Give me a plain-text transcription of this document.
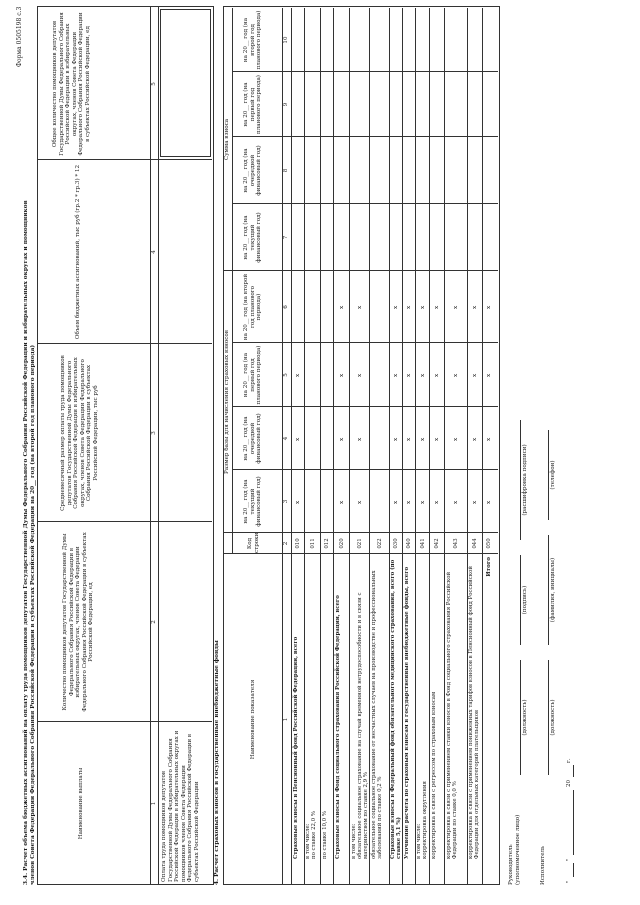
Форма 0505198 с.3
3.4. Расчет объема бюджетных ассигнований на оплату труда помощников депутатов Государственной Думы Федерального Собрания Российской Федерации и избирательных округах и помощников членов Совета Федерации Федерального Собрания Российской Федерации в субъектах Российской Федерации на 20__ год (на второй год планового периода)	Наименование выплаты
Количество помощников депутатов Государственной Думы Федерального Собрания Российской Федерации в избирательных округах, членов Совета Федерации Федерального Собрания Российской Федерации в субъектах Российской Федерации, ед
Среднемесячный размер оплаты труда помощников депутатов Государственной Думы Федерального Собрания Российской Федерации в избирательных округах, членов Совета Федерации Федерального Собрания Российской Федерации в субъектах Российской Федерации, тыс руб
Объем бюджетных ассигнований, тыс руб (гр.2 * гр.3) * 12
Общее количество помощников депутатов Государственной Думы Федерального Собрания Российской Федерации в избирательных округах, членов Совета Федерации Федерального Собрания Российской Федерации в субъектах Российской Федерации, ед
1
2
3
4
5
Оплата труда помощников депутатов Государственной Думы Федерального Собрания Российской Федерации в избирательных округах и помощников членов Совета Федерации Федерального Собрания Российской Федерации в субъектах Российской Федерации 4. Расчет страховых взносов в государственные внебюджетные фонды	Наименование показателя
Код строки
Размер базы для начисления страховых взносов
Сумма взноса
на 20__ год (на текущий финансовый год)
на 20__ год (на очередной финансовый год)
на 20__ год (на первый год планового периода)
на 20__ год (на второй год планового периода)
на 20__ год (на текущий финансовый год)
на 20__ год (на очередной финансовый год)
на 20__ год (на первый год планового периода)
на 20__ год (на второй год планового периода)
1
2
3
4
5
6
7
8
9
10
Страховые взносы в Пенсионный фонд Российской Федерации, всего
010
в том числе:
по ставке 22,0 %
011
по ставке 10,0 %
012
Страховые взносы в Фонд социального страхования Российской Федерации, всего
020
в том числе:
обязательное социальное страхование на случай временной нетрудоспособности и в связи с материнством по ставке 2,9 %
021
обязательное социальное страхование от несчастных случаев на производстве и профессиональных заболеваний по ставке 0,2 %
022
Страховые взносы в Федеральный фонд обязательного медицинского страхования, всего (по ставке 5,1 %)
030
Уточнение расчета по страховым взносам в государственные внебюджетные фонды, всего
040
в том числе:
корректировка округления
041
корректировка в связи с регрессом по страховым взносам
042
корректировка в связи с применением ставки взносов в Фонд социального страхования Российской Федерации по ставке 0,0 %
043
корректировка в связи с применением пониженных тарифов взносов в Пенсионный фонд Российской Федерации для отдельных категорий плательщиков
044
Итого
050
x
x
x
x
x
x
x
x
x
x
x
x
x
x
x
x
x
x
x
x
x
x
x
x
x
x
x
x
x
x
x
x
x
x
x
x
x
x
x
Руководитель
(уполномоченное лицо)
(должность)
(подпись)
(расшифровка подписи)
Исполнитель
(должность)
(фамилия, инициалы)
(телефон)
"
"
20
г.
